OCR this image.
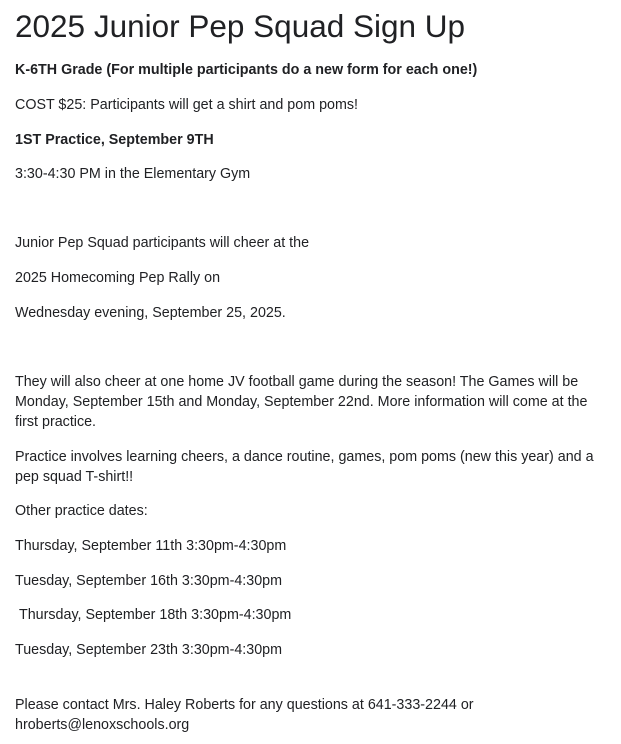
2025 Junior Pep Squad Sign Up

K-6TH Grade (For multiple participants do a new form for each one!)

COST $25: Participants will get a shirt and pom poms!

1ST Practice, September 9TH

3:30-4:30 PM in the Elementary Gym

Junior Pep Squad participants will cheer at the

2025 Homecoming Pep Rally on

Wednesday evening, September 25, 2025.

They will also cheer at one home JV football game during the season! The Games will be Monday, September 15th and Monday, September 22nd. More information will come at the first practice.

Practice involves learning cheers, a dance routine, games, pom poms (new this year) and a pep squad T-shirt!!

Other practice dates:

Thursday, September 11th 3:30pm-4:30pm

Tuesday, September 16th 3:30pm-4:30pm

Thursday, September 18th 3:30pm-4:30pm

Tuesday, September 23th 3:30pm-4:30pm

Please contact Mrs. Haley Roberts for any questions at 641-333-2244 or hroberts@lenoxschools.org
